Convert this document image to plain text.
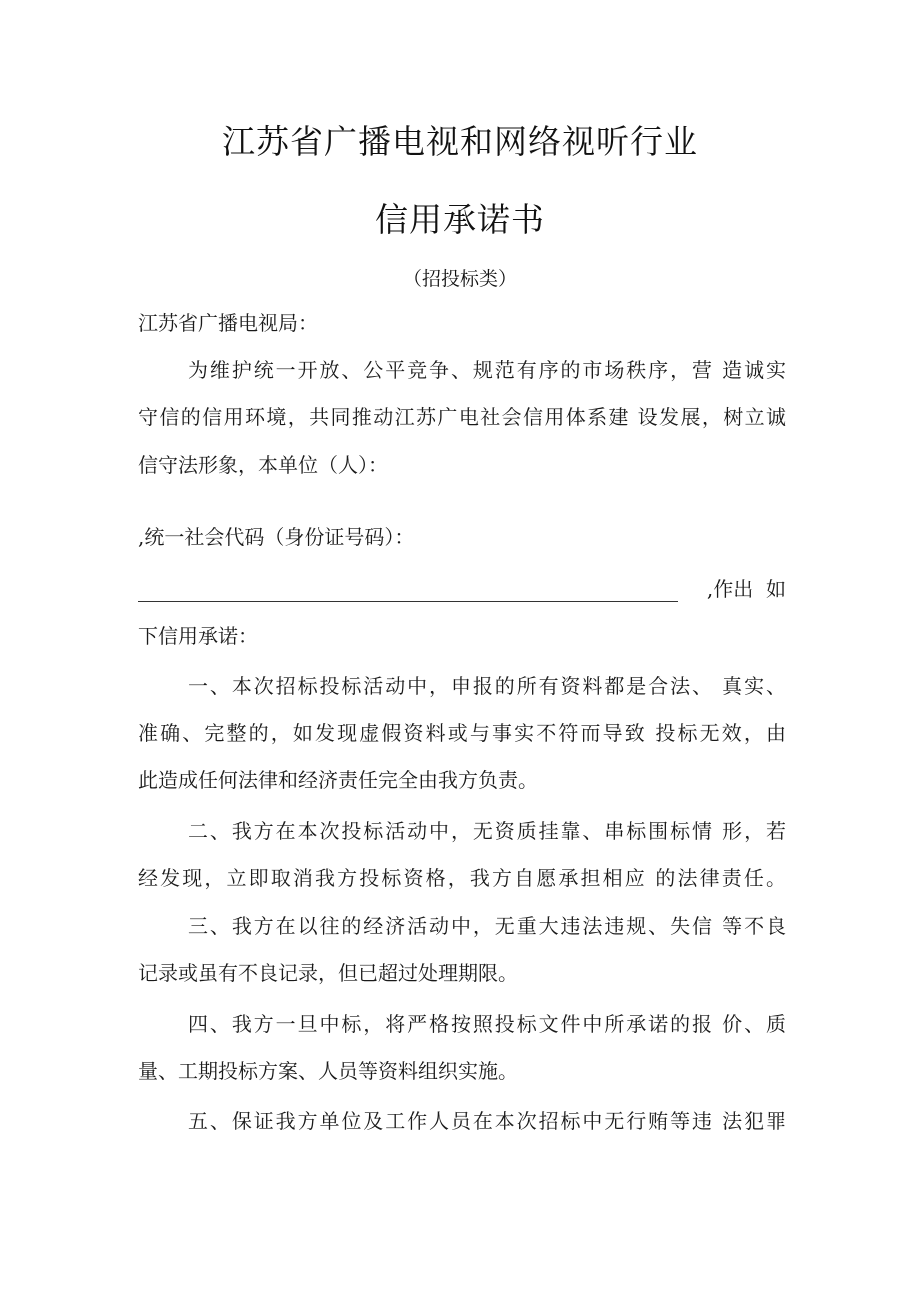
江苏省广播电视和网络视听行业
信用承诺书
（招投标类）
江苏省广播电视局：
为维护统一开放、公平竞争、规范有序的市场秩序，营 造诚实
守信的信用环境，共同推动江苏广电社会信用体系建 设发展，树立诚
信守法形象，本单位（人）：
,统一社会代码（身份证号码）：
,作出  如
下信用承诺：
一、本次招标投标活动中，申报的所有资料都是合法、 真实、
准确、完整的，如发现虚假资料或与事实不符而导致 投标无效，由
此造成任何法律和经济责任完全由我方负责。
二、我方在本次投标活动中，无资质挂靠、串标围标情 形，若
经发现，立即取消我方投标资格，我方自愿承担相应 的法律责任。
三、我方在以往的经济活动中，无重大违法违规、失信 等不良
记录或虽有不良记录，但已超过处理期限。
四、我方一旦中标，将严格按照投标文件中所承诺的报 价、质
量、工期投标方案、人员等资料组织实施。
五、保证我方单位及工作人员在本次招标中无行贿等违 法犯罪
